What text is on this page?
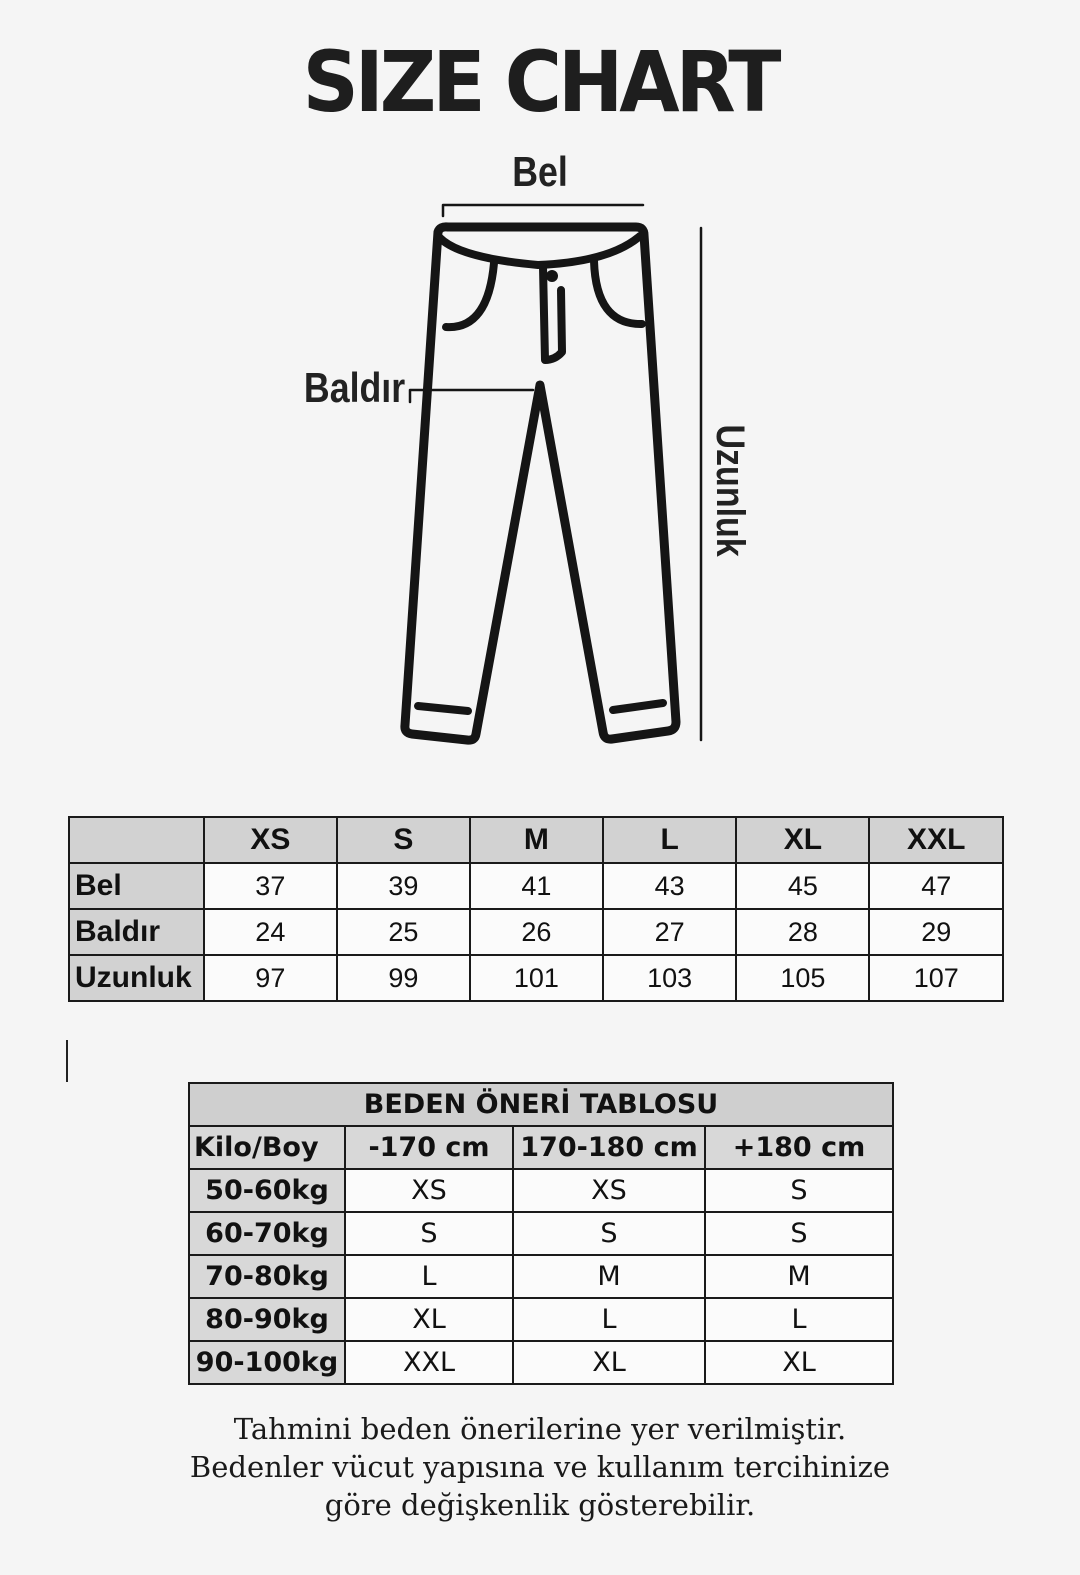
SIZE CHART
Bel
Baldır
Uzunluk
	XS	S	M	L	XL	XXL
Bel	37	39	41	43	45	47
Baldır	24	25	26	27	28	29
Uzunluk	97	99	101	103	105	107
BEDEN ÖNERİ TABLOSU			
Kilo/Boy	-170 cm	170-180 cm	+180 cm
50-60kg	XS	XS	S
60-70kg	S	S	S
70-80kg	L	M	M
80-90kg	XL	L	L
90-100kg	XXL	XL	XL
Tahmini beden önerilerine yer verilmiştir.
Bedenler vücut yapısına ve kullanım tercihinize
göre değişkenlik gösterebilir.
